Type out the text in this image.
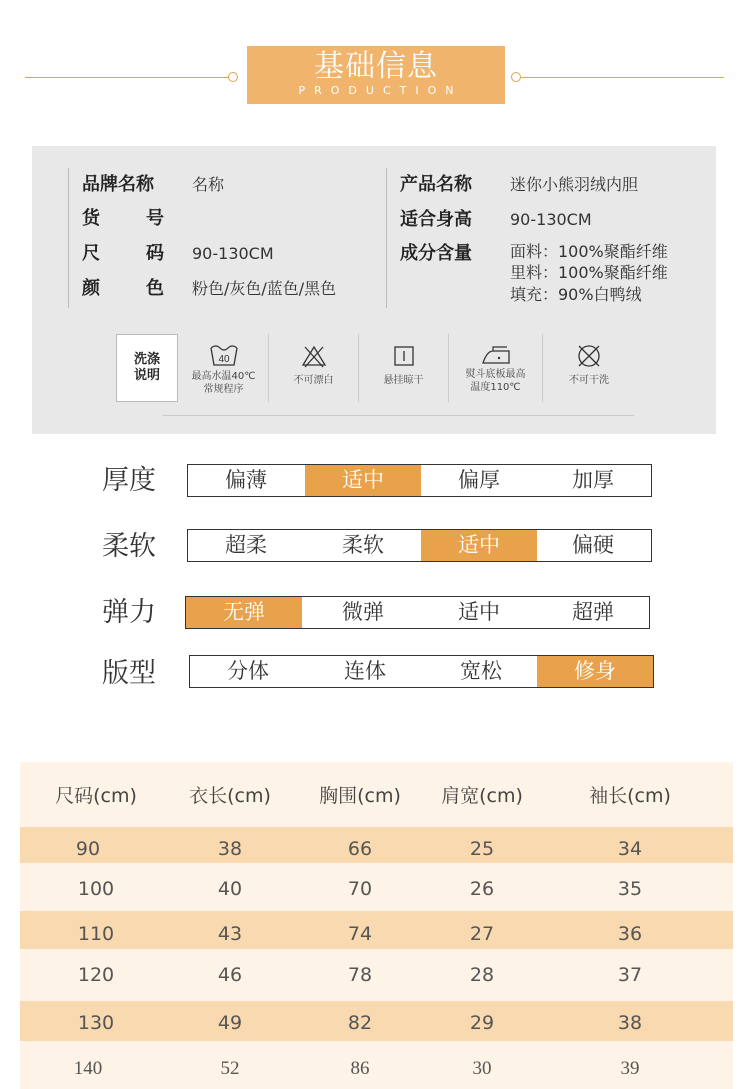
基础信息
PRODUCTION
品牌名称 名称
货	号
尺	码 90-130CM
颜	色 粉色/灰色/蓝色/黑色
产品名称 迷你小熊羽绒内胆
适合身高 90-130CM
成分含量 面料：100%聚酯纤维
里料：100%聚酯纤维
填充：90%白鸭绒
洗涤
说明
40
最高水温40℃
常规程序
不可漂白	悬挂晾干
熨斗底板最高
温度110℃
不可干洗
厚度	偏薄	适中	偏厚	加厚
柔软	超柔	柔软	适中	偏硬
弹力	无弹	微弹	适中	超弹
版型	分体	连体	宽松	修身
尺码(cm)	衣长(cm)	胸围(cm)	肩宽(cm)	袖长(cm)
90	38	66	25	34
100	40	70	26	35
110	43	74	27	36
120	46	78	28	37
130	49	82	29	38
140	52	86	30	39
